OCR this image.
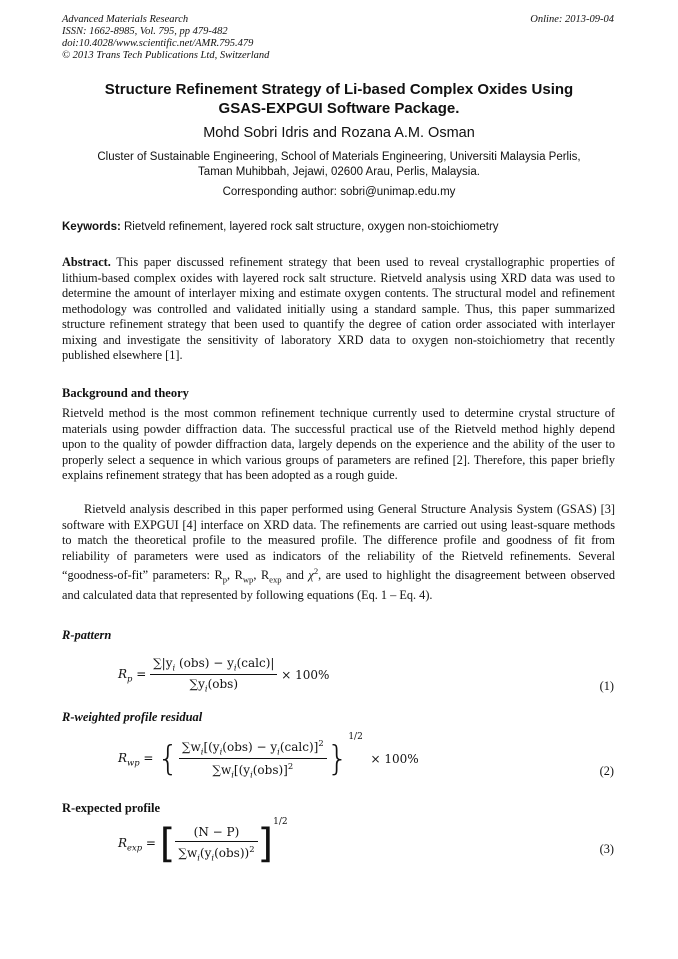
Advanced Materials Research
ISSN: 1662-8985, Vol. 795, pp 479-482
doi:10.4028/www.scientific.net/AMR.795.479
© 2013 Trans Tech Publications Ltd, Switzerland
Online: 2013-09-04
Structure Refinement Strategy of Li-based Complex Oxides Using
GSAS-EXPGUI Software Package.
Mohd Sobri Idris and Rozana A.M. Osman
Cluster of Sustainable Engineering, School of Materials Engineering, Universiti Malaysia Perlis,
Taman Muhibbah, Jejawi, 02600 Arau, Perlis, Malaysia.
Corresponding author: sobri@unimap.edu.my
Keywords: Rietveld refinement, layered rock salt structure, oxygen non-stoichiometry
Abstract. This paper discussed refinement strategy that been used to reveal crystallographic properties of lithium-based complex oxides with layered rock salt structure. Rietveld analysis using XRD data was used to determine the amount of interlayer mixing and estimate oxygen contents. The structural model and refinement methodology was controlled and validated initially using a standard sample. Thus, this paper summarized structure refinement strategy that been used to quantify the degree of cation order associated with interlayer mixing and investigate the sensitivity of laboratory XRD data to oxygen non-stoichiometry that recently published elsewhere [1].
Background and theory
Rietveld method is the most common refinement technique currently used to determine crystal structure of materials using powder diffraction data. The successful practical use of the Rietveld method highly depend upon to the quality of powder diffraction data, largely depends on the experience and the ability of the user to properly select a sequence in which various groups of parameters are refined [2]. Therefore, this paper briefly explains refinement strategy that has been adopted as a rough guide.
Rietveld analysis described in this paper performed using General Structure Analysis System (GSAS) [3] software with EXPGUI [4] interface on XRD data. The refinements are carried out using least-square methods to match the theoretical profile to the measured profile. The difference profile and goodness of fit from reliability of parameters were used as indicators of the reliability of the Rietveld refinements. Several “goodness-of-fit” parameters: $R_p$, $R_{wp}$, $R_{exp}$ and $\chi^2$, are used to highlight the disagreement between observed and calculated data that represented by following equations (Eq. 1 – Eq. 4).
R-pattern
$R_p = \frac{\sum|y_i (obs) - y_i(calc)|}{\sum y_i(obs)} \times 100\%$
(1)
R-weighted profile residual
$R_{wp}$ = { $\frac{\sum w_i[(y_i(obs) - y_i(calc)]^2}{\sum w_i[(y_i(obs)]^2}$ }
1/2
× 100%
(2)
R-expected profile
$R_{exp}$ = [ $\frac{(N - P)}{\sum w_i(y_i(obs))^2}$ ] 1/2
(3)
